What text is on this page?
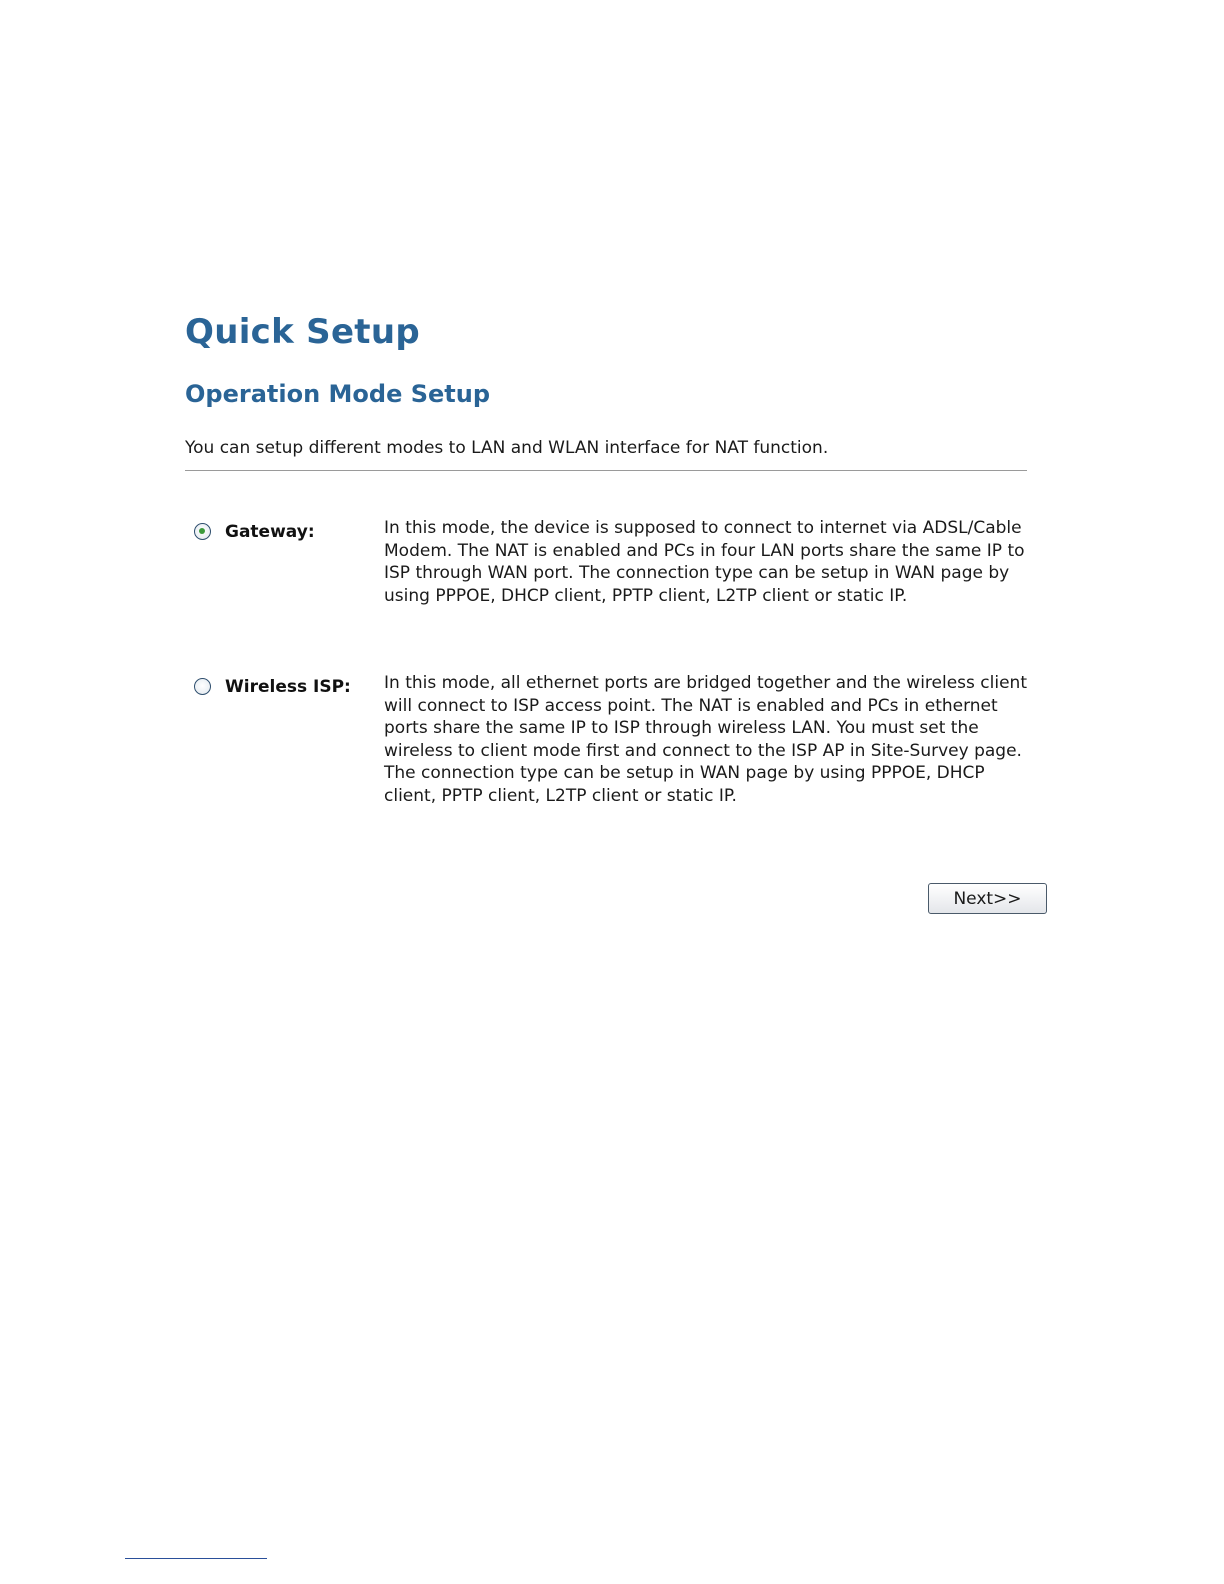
Quick Setup
Operation Mode Setup
You can setup different modes to LAN and WLAN interface for NAT function.
Gateway:	In this mode, the device is supposed to connect to internet via ADSL/Cable Modem. The NAT is enabled and PCs in four LAN ports share the same IP to ISP through WAN port. The connection type can be setup in WAN page by using PPPOE, DHCP client, PPTP client, L2TP client or static IP.
Wireless ISP: In this mode, all ethernet ports are bridged together and the wireless client will connect to ISP access point. The NAT is enabled and PCs in ethernet ports share the same IP to ISP through wireless LAN. You must set the wireless to client mode first and connect to the ISP AP in Site-Survey page. The connection type can be setup in WAN page by using PPPOE, DHCP client, PPTP client, L2TP client or static IP.
Next>>
